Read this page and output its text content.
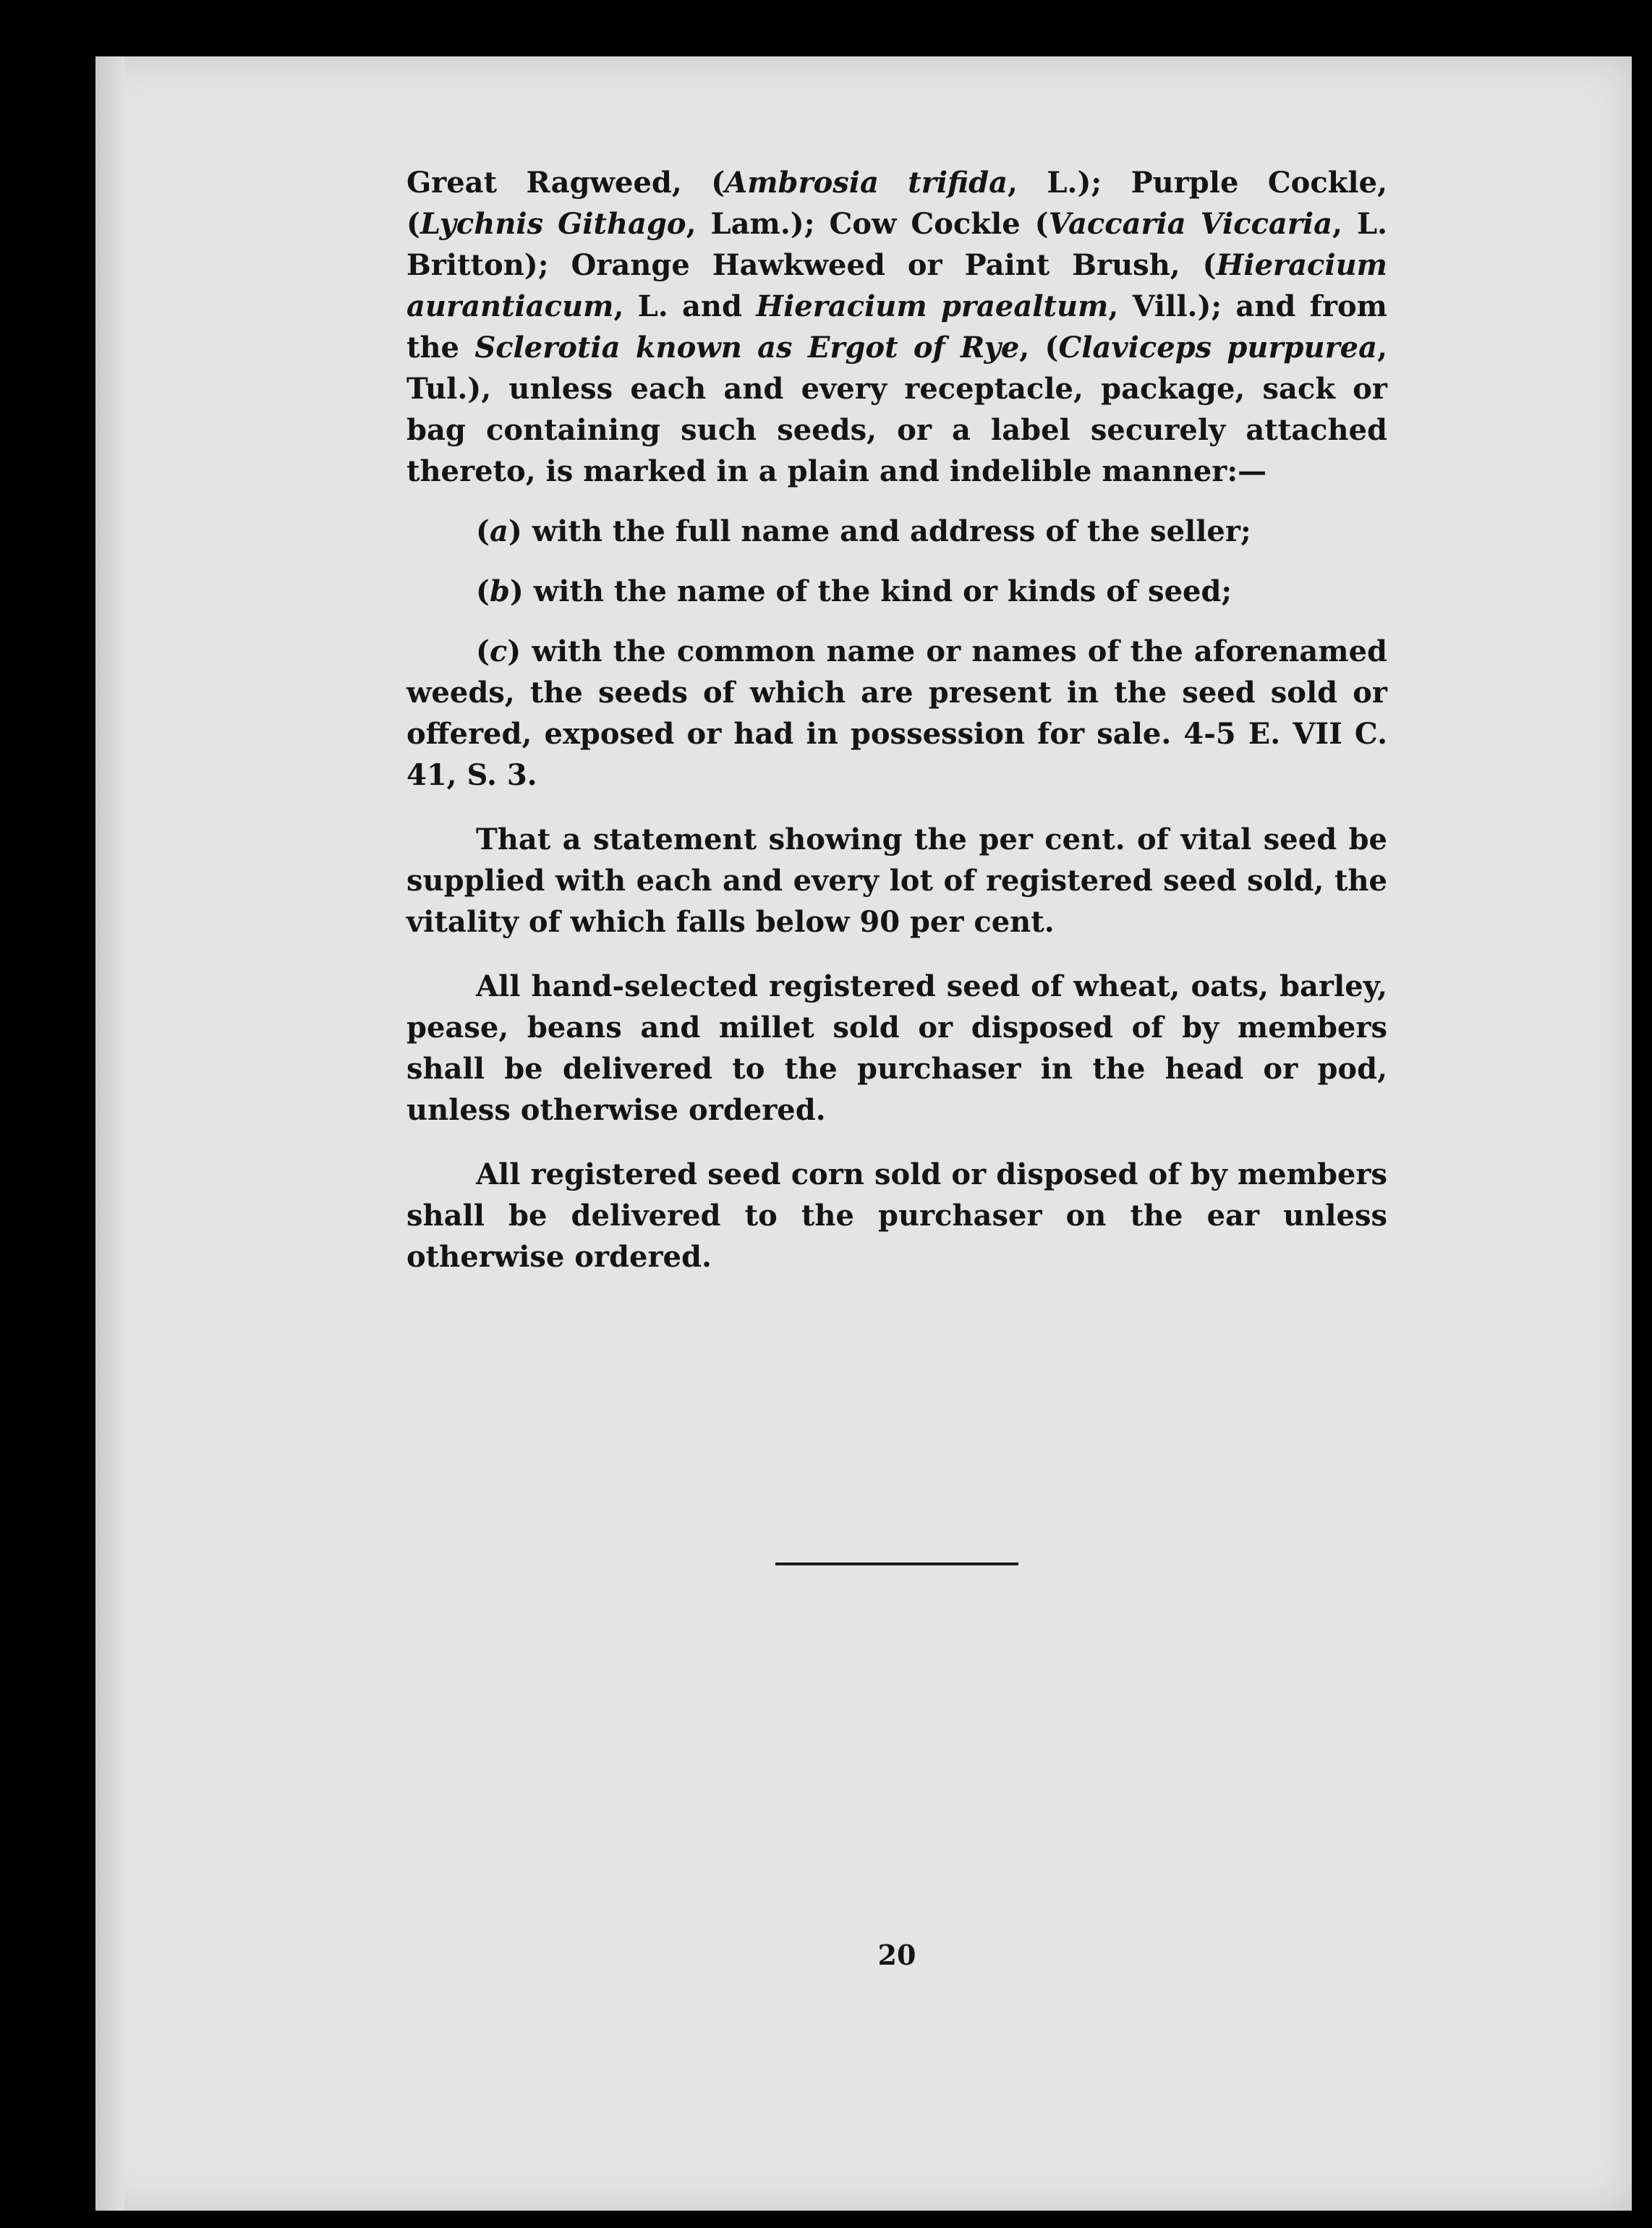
Great Ragweed, (Ambrosia trifida, L.); Purple Cockle, (Lychnis Githago, Lam.); Cow Cockle (Vaccaria Viccaria, L. Britton); Orange Hawkweed or Paint Brush, (Hieracium aurantiacum, L. and Hieracium praealtum, Vill.); and from the Sclerotia known as Ergot of Rye, (Claviceps purpurea, Tul.), unless each and every receptacle, package, sack or bag containing such seeds, or a label securely attached thereto, is marked in a plain and indelible manner:—

(a) with the full name and address of the seller;

(b) with the name of the kind or kinds of seed;

(c) with the common name or names of the aforenamed weeds, the seeds of which are present in the seed sold or offered, exposed or had in possession for sale. 4-5 E. VII C. 41, S. 3.

That a statement showing the per cent. of vital seed be supplied with each and every lot of registered seed sold, the vitality of which falls below 90 per cent.

All hand-selected registered seed of wheat, oats, barley, pease, beans and millet sold or disposed of by members shall be delivered to the purchaser in the head or pod, unless otherwise ordered.

All registered seed corn sold or disposed of by members shall be delivered to the purchaser on the ear unless otherwise ordered.

20
